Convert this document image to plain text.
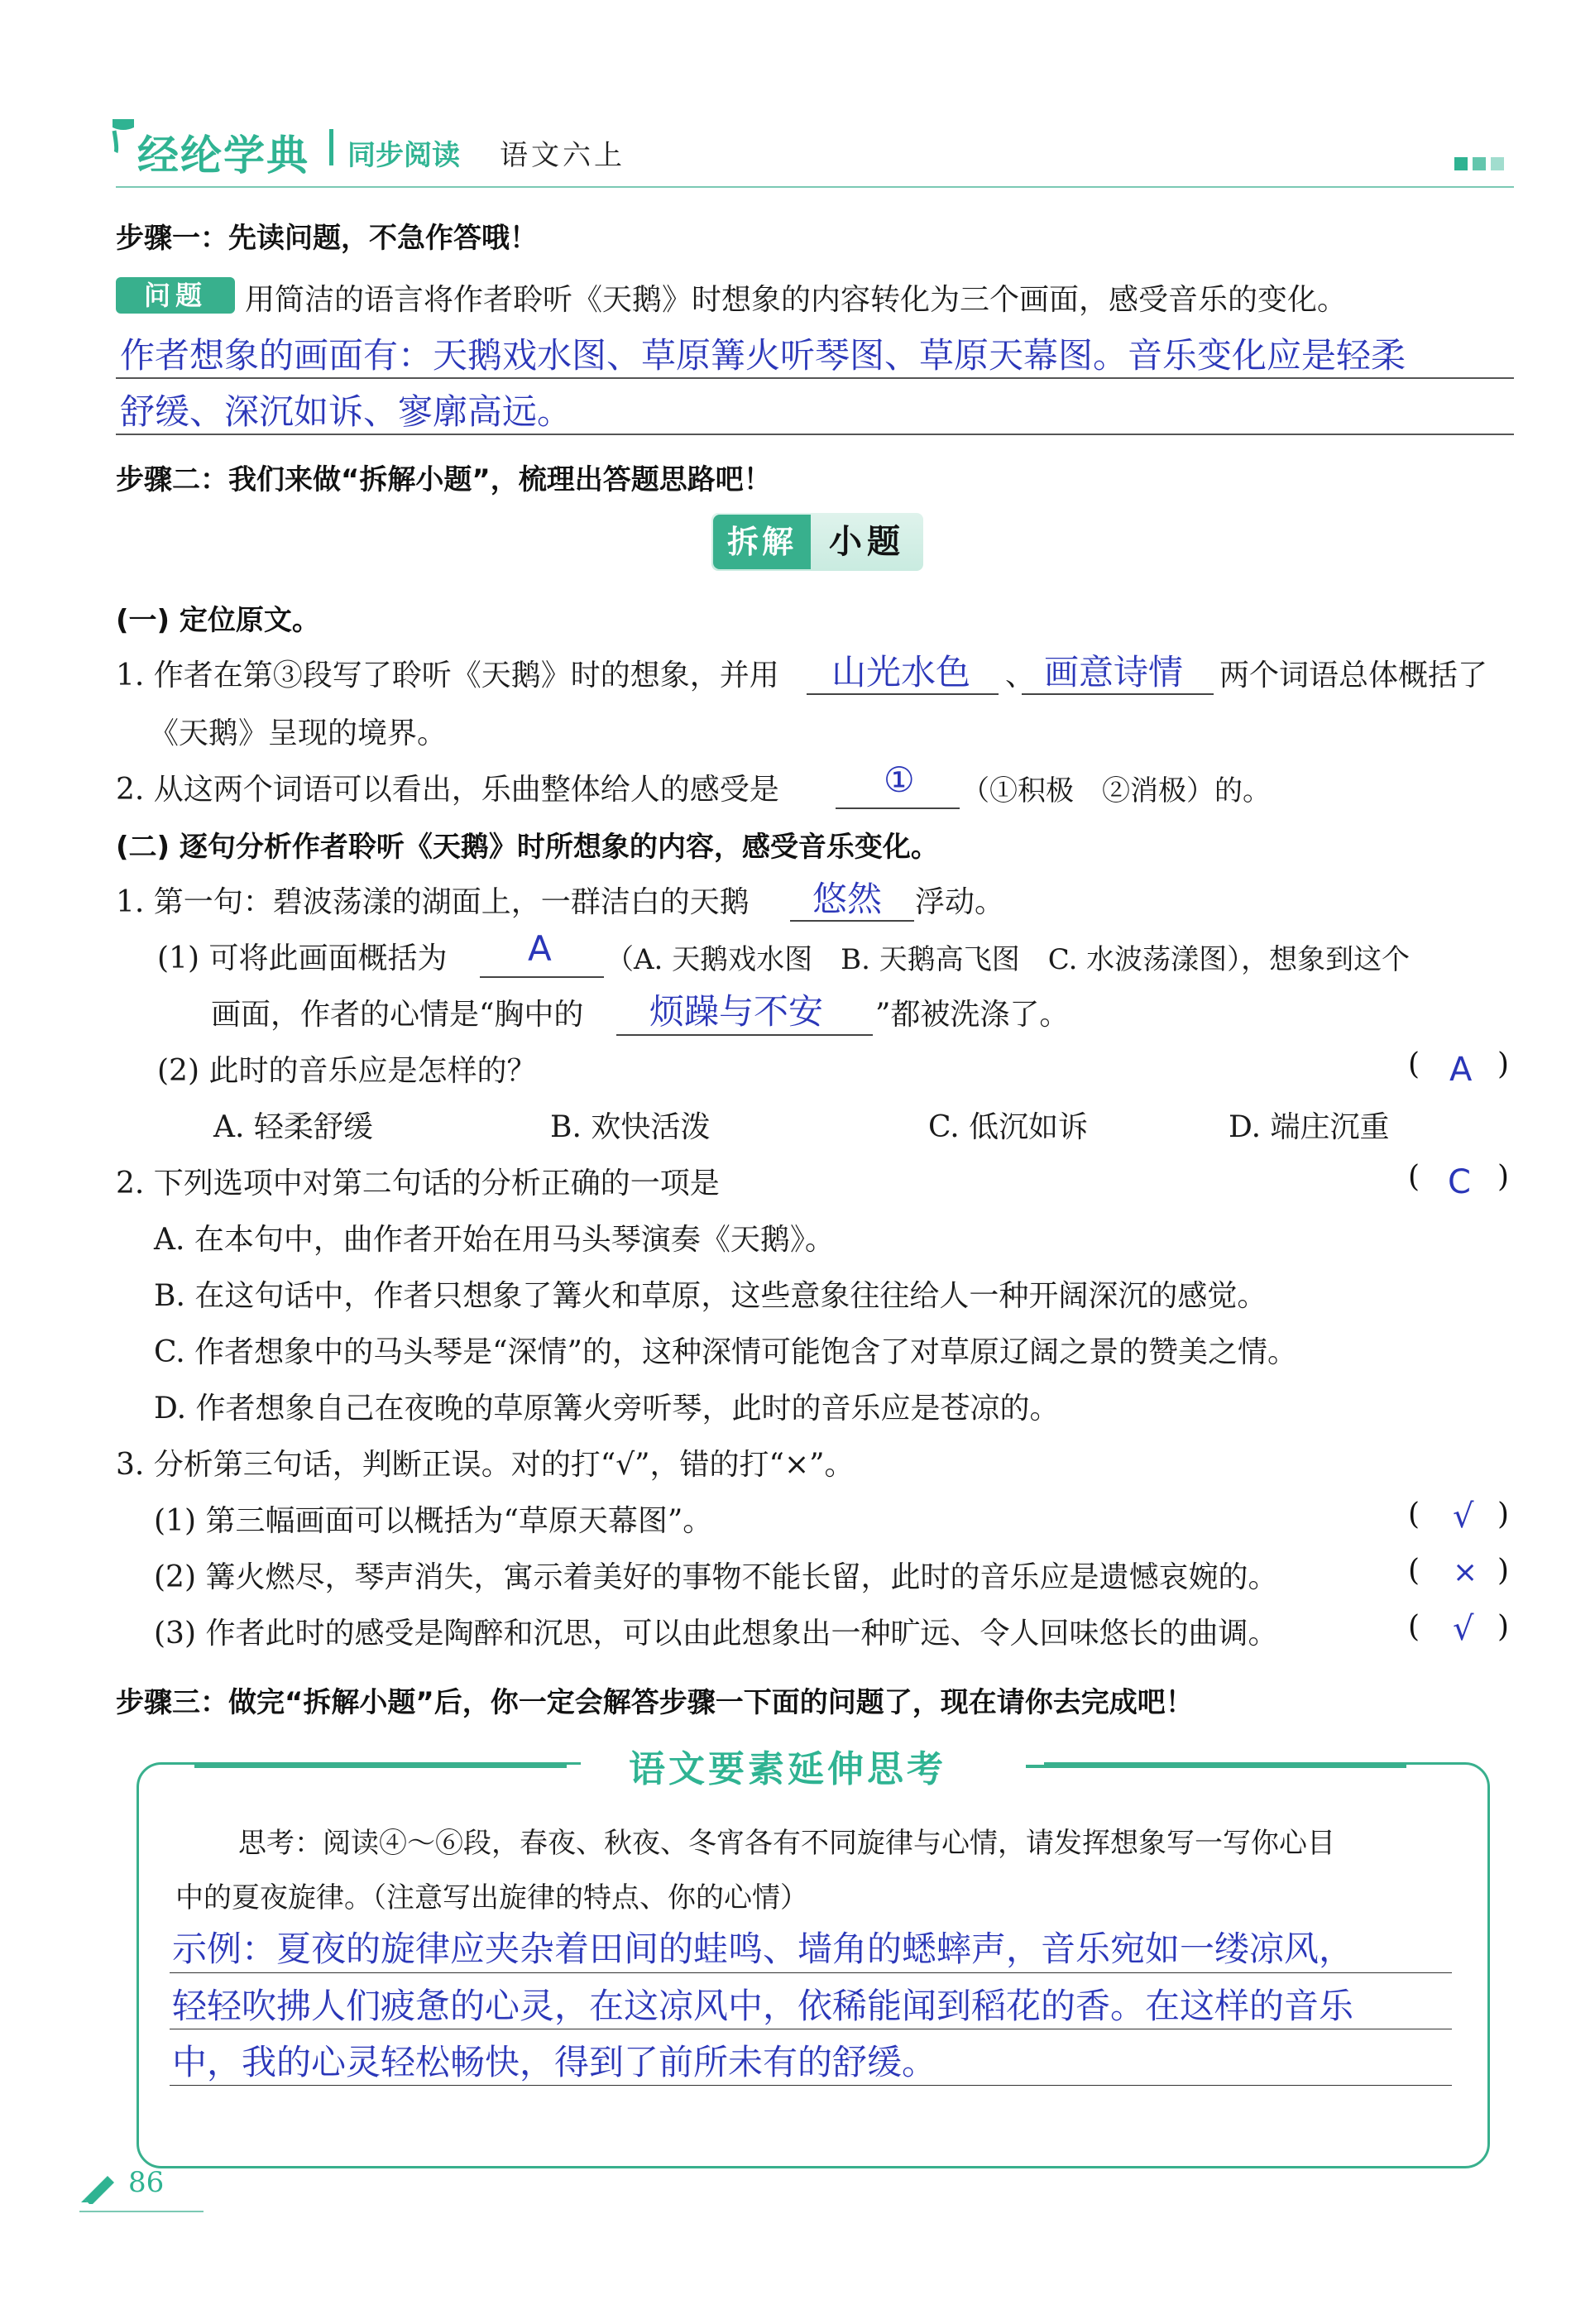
经纶学典 同步阅读 语文六上
步骤一：先读问题，不急作答哦！
问题	用简洁的语言将作者聆听《天鹅》时想象的内容转化为三个画面，感受音乐的变化。
作者想象的画面有：天鹅戏水图、草原篝火听琴图、草原天幕图。音乐变化应是轻柔
舒缓、深沉如诉、寥廓高远。
步骤二：我们来做“拆解小题”，梳理出答题思路吧！
拆解 小题
(一) 定位原文。
1. 作者在第③段写了聆听《天鹅》时的想象，并用 山光水色 、 画意诗情 两个词语总体概括了
《天鹅》呈现的境界。
2. 从这两个词语可以看出，乐曲整体给人的感受是	① （①积极　②消极）的。
(二) 逐句分析作者聆听《天鹅》时所想象的内容，感受音乐变化。
1. 第一句：碧波荡漾的湖面上，一群洁白的天鹅 悠然 浮动。
(1) 可将此画面概括为 A （A. 天鹅戏水图　B. 天鹅高飞图　C. 水波荡漾图），想象到这个
画面，作者的心情是“胸中的 烦躁与不安 ”都被洗涤了。
(2) 此时的音乐应是怎样的？	( A )
A. 轻柔舒缓	B. 欢快活泼	C. 低沉如诉	D. 端庄沉重
2. 下列选项中对第二句话的分析正确的一项是	( C )
A. 在本句中，曲作者开始在用马头琴演奏《天鹅》。
B. 在这句话中，作者只想象了篝火和草原，这些意象往往给人一种开阔深沉的感觉。
C. 作者想象中的马头琴是“深情”的，这种深情可能饱含了对草原辽阔之景的赞美之情。
D. 作者想象自己在夜晚的草原篝火旁听琴，此时的音乐应是苍凉的。
3. 分析第三句话，判断正误。对的打“√”，错的打“×”。
(1) 第三幅画面可以概括为“草原天幕图”。	( √ )
(2) 篝火燃尽，琴声消失，寓示着美好的事物不能长留，此时的音乐应是遗憾哀婉的。	( × )
(3) 作者此时的感受是陶醉和沉思，可以由此想象出一种旷远、令人回味悠长的曲调。	( √ )
步骤三：做完“拆解小题”后，你一定会解答步骤一下面的问题了，现在请你去完成吧！
语文要素延伸思考
思考：阅读④～⑥段，春夜、秋夜、冬宵各有不同旋律与心情，请发挥想象写一写你心目
中的夏夜旋律。（注意写出旋律的特点、你的心情）
示例：夏夜的旋律应夹杂着田间的蛙鸣、墙角的蟋蟀声，音乐宛如一缕凉风，
轻轻吹拂人们疲惫的心灵，在这凉风中，依稀能闻到稻花的香。在这样的音乐
中，我的心灵轻松畅快，得到了前所未有的舒缓。
86
